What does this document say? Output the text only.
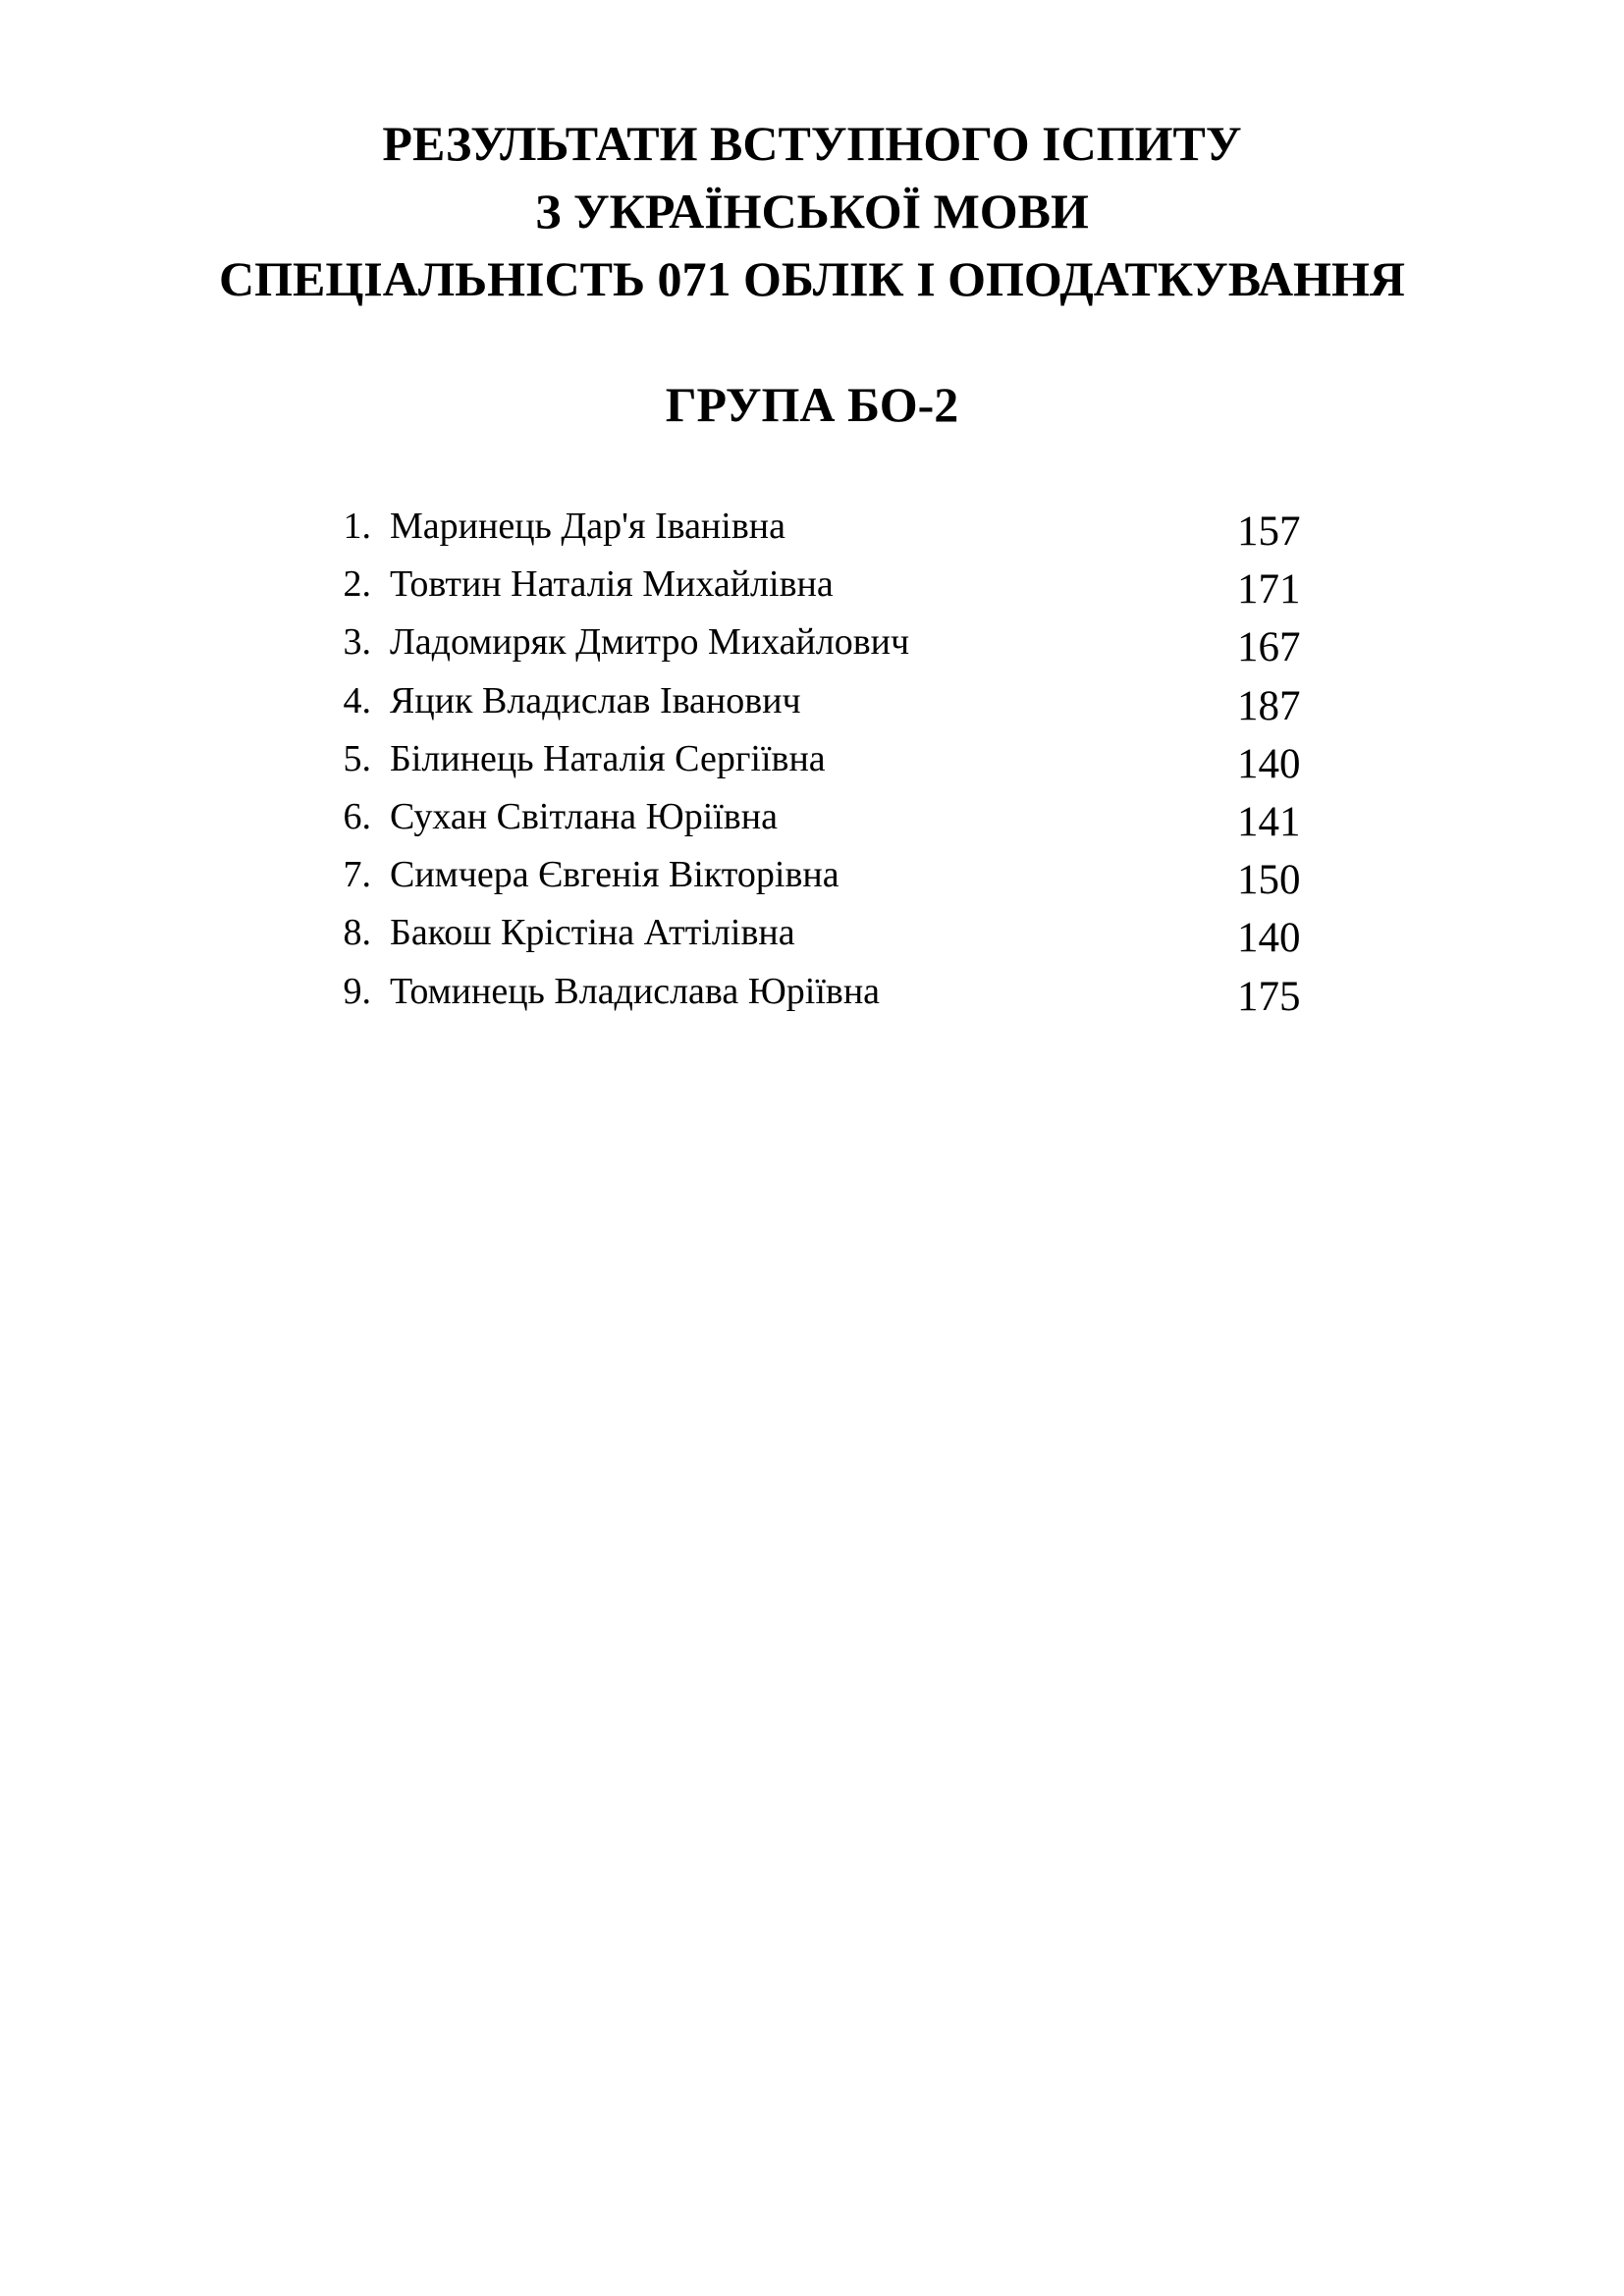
РЕЗУЛЬТАТИ ВСТУПНОГО ІСПИТУ
З УКРАЇНСЬКОЇ МОВИ
СПЕЦІАЛЬНІСТЬ 071 ОБЛІК І ОПОДАТКУВАННЯ
ГРУПА БО-2
1. Маринець Дар'я Іванівна	157
2. Товтин Наталія Михайлівна	171
3. Ладомиряк Дмитро Михайлович	167
4. Яцик Владислав Іванович	187
5. Білинець Наталія Сергіївна	140
6. Сухан Світлана Юріївна	141
7. Симчера Євгенія Вікторівна	150
8. Бакош Крістіна Аттілівна	140
9. Томинець Владислава Юріївна	175
